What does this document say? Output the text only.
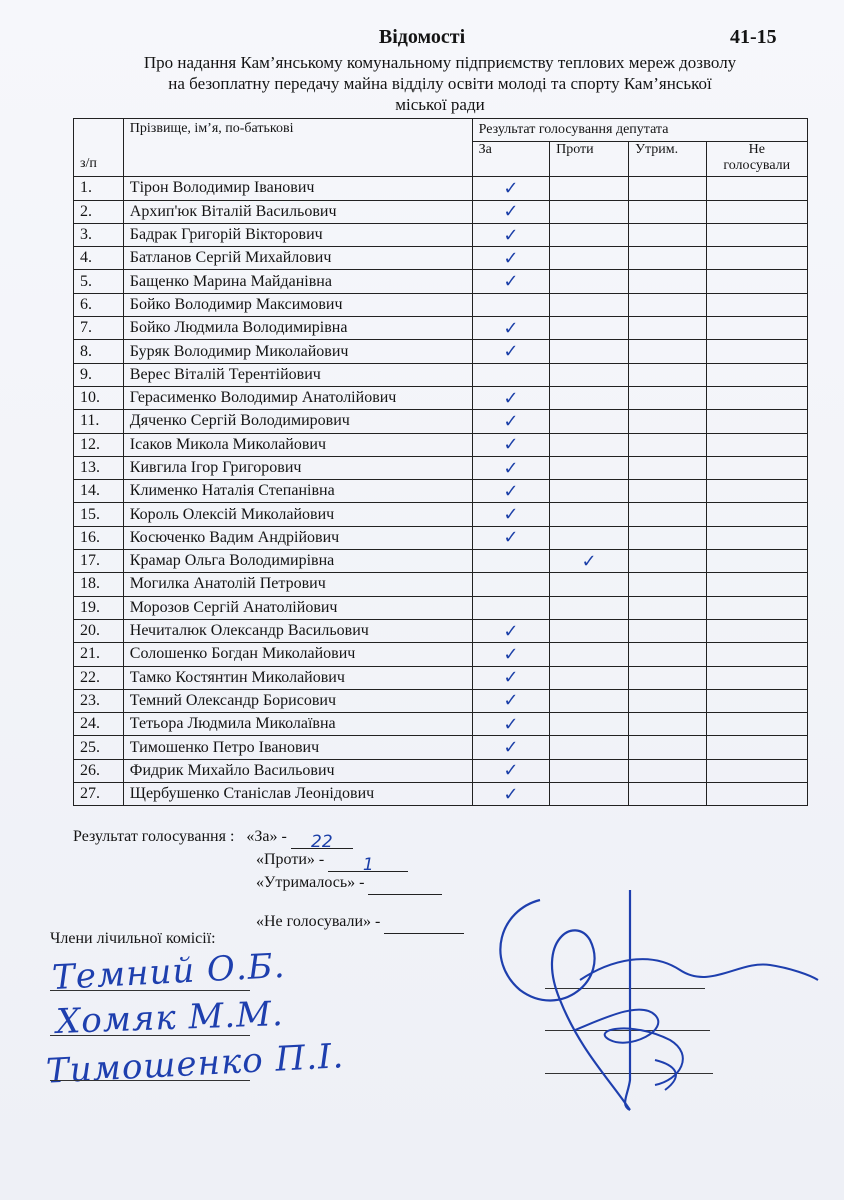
Відомості	41-15
Про надання Кам’янському комунальному підприємству теплових мереж дозволу
на безоплатну передачу майна відділу освіти молоді та спорту Кам’янської
міської ради
з/п	Прізвище, ім’я, по-батькові	Результат голосування депутата			
		За	Проти	Утрим.	Не
голосували
1.	Тірон Володимир Іванович	✓			
2.	Архип'юк Віталій Васильович	✓			
3.	Бадрак Григорій Вікторович	✓			
4.	Батланов Сергій Михайлович	✓			
5.	Бащенко Марина Майданівна	✓			
6.	Бойко Володимир Максимович				
7.	Бойко Людмила Володимирівна	✓			
8.	Буряк Володимир Миколайович	✓			
9.	Верес Віталій Терентійович				
10.	Герасименко Володимир Анатолійович	✓			
11.	Дяченко Сергій Володимирович	✓			
12.	Ісаков Микола Миколайович	✓			
13.	Кивгила Ігор Григорович	✓			
14.	Клименко Наталія Степанівна	✓			
15.	Король Олексій Миколайович	✓			
16.	Косюченко Вадим Андрійович	✓			
17.	Крамар Ольга Володимирівна		✓		
18.	Могилка Анатолій Петрович				
19.	Морозов Сергій Анатолійович				
20.	Нечиталюк Олександр Васильович	✓			
21.	Солошенко Богдан Миколайович	✓			
22.	Тамко Костянтин Миколайович	✓			
23.	Темний Олександр Борисович	✓			
24.	Тетьора Людмила Миколаївна	✓			
25.	Тимошенко Петро Іванович	✓			
26.	Фидрик Михайло Васильович	✓			
27.	Щербушенко Станіслав Леонідович	✓			
Результат голосування : «За» - 22
«Проти» - 1
«Утрималось» -
«Не голосували» -
Члени лічильної комісії:
Темний О.Б.
Хомяк М.М.
Тимошенко П.І.
